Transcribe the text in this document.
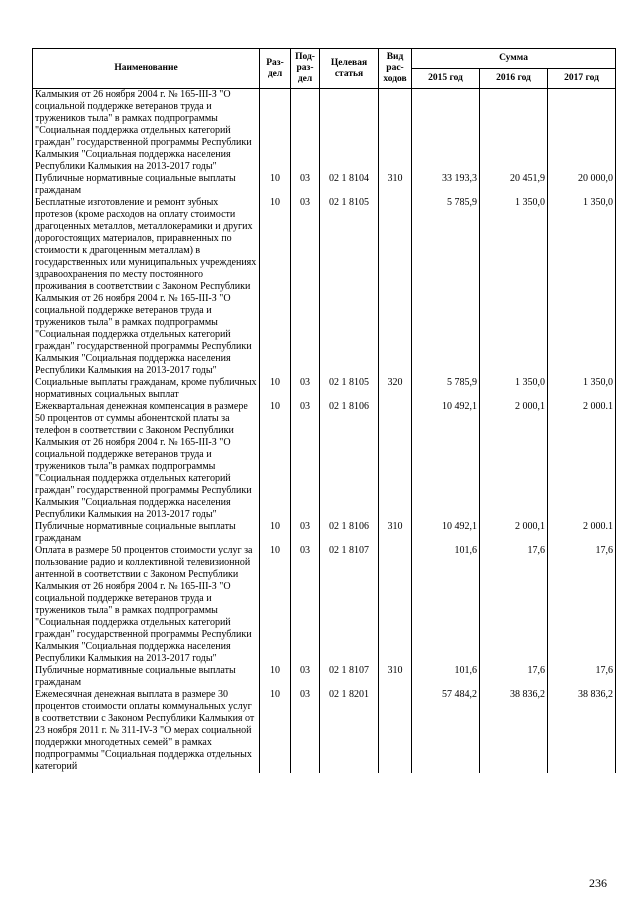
Наименование	Раз-дел	Под-раз-дел	Целевая статья	Вид рас-ходов	Сумма		
					2015 год	2016 год	2017 год
Калмыкия от 26 ноября 2004 г. № 165-III-З "О социальной поддержке ветеранов труда и тружеников тыла" в рамках подпрограммы "Социальная поддержка отдельных категорий граждан" государственной программы Республики Калмыкия "Социальная поддержка населения Республики Калмыкия на 2013-2017 годы"							
Публичные нормативные социальные выплаты гражданам	10	03	02 1 8104	310	33 193,3	20 451,9	20 000,0
Бесплатные изготовление и ремонт зубных протезов (кроме расходов на оплату стоимости драгоценных металлов, металлокерамики и других дорогостоящих материалов, приравненных по стоимости к драгоценным металлам) в государственных или муниципальных учреждениях здравоохранения по месту постоянного проживания в соответствии с Законом Республики Калмыкия от 26 ноября 2004 г. № 165-III-З "О социальной поддержке ветеранов труда и тружеников тыла" в рамках подпрограммы "Социальная поддержка отдельных категорий граждан" государственной программы Республики Калмыкия "Социальная поддержка населения Республики Калмыкия на 2013-2017 годы"	10	03	02 1 8105		5 785,9	1 350,0	1 350,0
Социальные выплаты гражданам, кроме публичных нормативных социальных выплат	10	03	02 1 8105	320	5 785,9	1 350,0	1 350,0
Ежеквартальная денежная компенсация в размере 50 процентов от суммы абонентской платы за телефон в соответствии с Законом Республики Калмыкия от 26 ноября 2004 г. № 165-III-З "О социальной поддержке ветеранов труда и тружеников тыла"в рамках подпрограммы "Социальная поддержка отдельных категорий граждан" государственной программы Республики Калмыкия "Социальная поддержка населения Республики Калмыкия на 2013-2017 годы"	10	03	02 1 8106		10 492,1	2 000,1	2 000.1
Публичные нормативные социальные выплаты гражданам	10	03	02 1 8106	310	10 492,1	2 000,1	2 000.1
Оплата в размере 50 процентов стоимости услуг за пользование радио и коллективной телевизионной антенной в соответствии с Законом Республики Калмыкия от 26 ноября 2004 г. № 165-III-З "О социальной поддержке ветеранов труда и тружеников тыла" в рамках подпрограммы "Социальная поддержка отдельных категорий граждан" государственной программы Республики Калмыкия "Социальная поддержка населения Республики Калмыкия на 2013-2017 годы"	10	03	02 1 8107		101,6	17,6	17,6
Публичные нормативные социальные выплаты гражданам	10	03	02 1 8107	310	101,6	17,6	17,6
Ежемесячная денежная выплата в размере 30 процентов стоимости оплаты коммунальных услуг в соответствии с Законом Республики Калмыкия от 23 ноября 2011 г. № 311-IV-З "О мерах социальной поддержки многодетных семей" в рамках подпрограммы "Социальная поддержка отдельных категорий	10	03	02 1 8201		57 484,2	38 836,2	38 836,2
236
